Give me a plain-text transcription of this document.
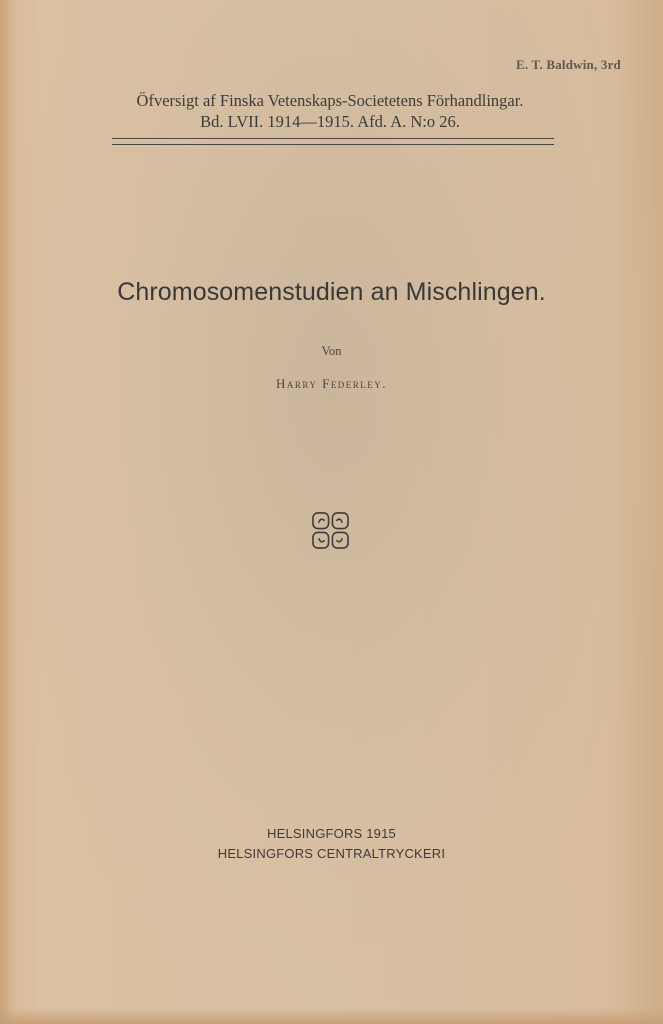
E. T. Baldwin, 3rd
Öfversigt af Finska Vetenskaps-Societetens Förhandlingar.
Bd. LVII. 1914—1915. Afd. A. N:o 26.
Chromosomenstudien an Mischlingen.
Von
Harry Federley.
HELSINGFORS 1915
HELSINGFORS CENTRALTRYCKERI
